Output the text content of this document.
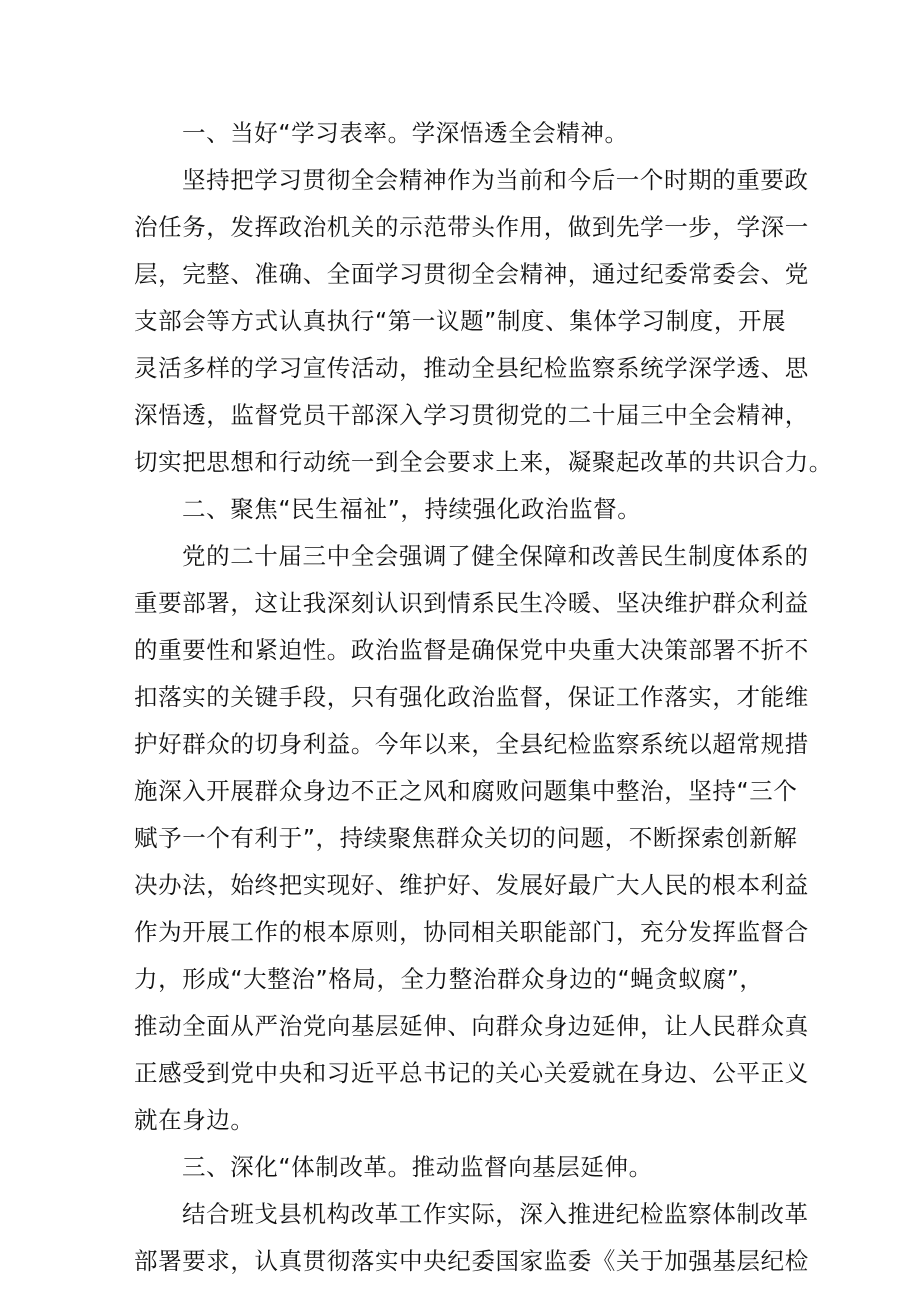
一、当好“学习表率。学深悟透全会精神。
坚持把学习贯彻全会精神作为当前和今后一个时期的重要政
治任务，发挥政治机关的示范带头作用，做到先学一步，学深一
层，完整、准确、全面学习贯彻全会精神，通过纪委常委会、党
支部会等方式认真执行“第一议题”制度、集体学习制度，开展
灵活多样的学习宣传活动，推动全县纪检监察系统学深学透、思
深悟透，监督党员干部深入学习贯彻党的二十届三中全会精神，
切实把思想和行动统一到全会要求上来，凝聚起改革的共识合力。
二、聚焦“民生福祉”，持续强化政治监督。
党的二十届三中全会强调了健全保障和改善民生制度体系的
重要部署，这让我深刻认识到情系民生冷暖、坚决维护群众利益
的重要性和紧迫性。政治监督是确保党中央重大决策部署不折不
扣落实的关键手段，只有强化政治监督，保证工作落实，才能维
护好群众的切身利益。今年以来，全县纪检监察系统以超常规措
施深入开展群众身边不正之风和腐败问题集中整治，坚持“三个
赋予一个有利于”，持续聚焦群众关切的问题，不断探索创新解
决办法，始终把实现好、维护好、发展好最广大人民的根本利益
作为开展工作的根本原则，协同相关职能部门，充分发挥监督合
力，形成“大整治”格局，全力整治群众身边的“蝇贪蚁腐”，
推动全面从严治党向基层延伸、向群众身边延伸，让人民群众真
正感受到党中央和习近平总书记的关心关爱就在身边、公平正义
就在身边。
三、深化“体制改革。推动监督向基层延伸。
结合班戈县机构改革工作实际，深入推进纪检监察体制改革
部署要求，认真贯彻落实中央纪委国家监委《关于加强基层纪检
